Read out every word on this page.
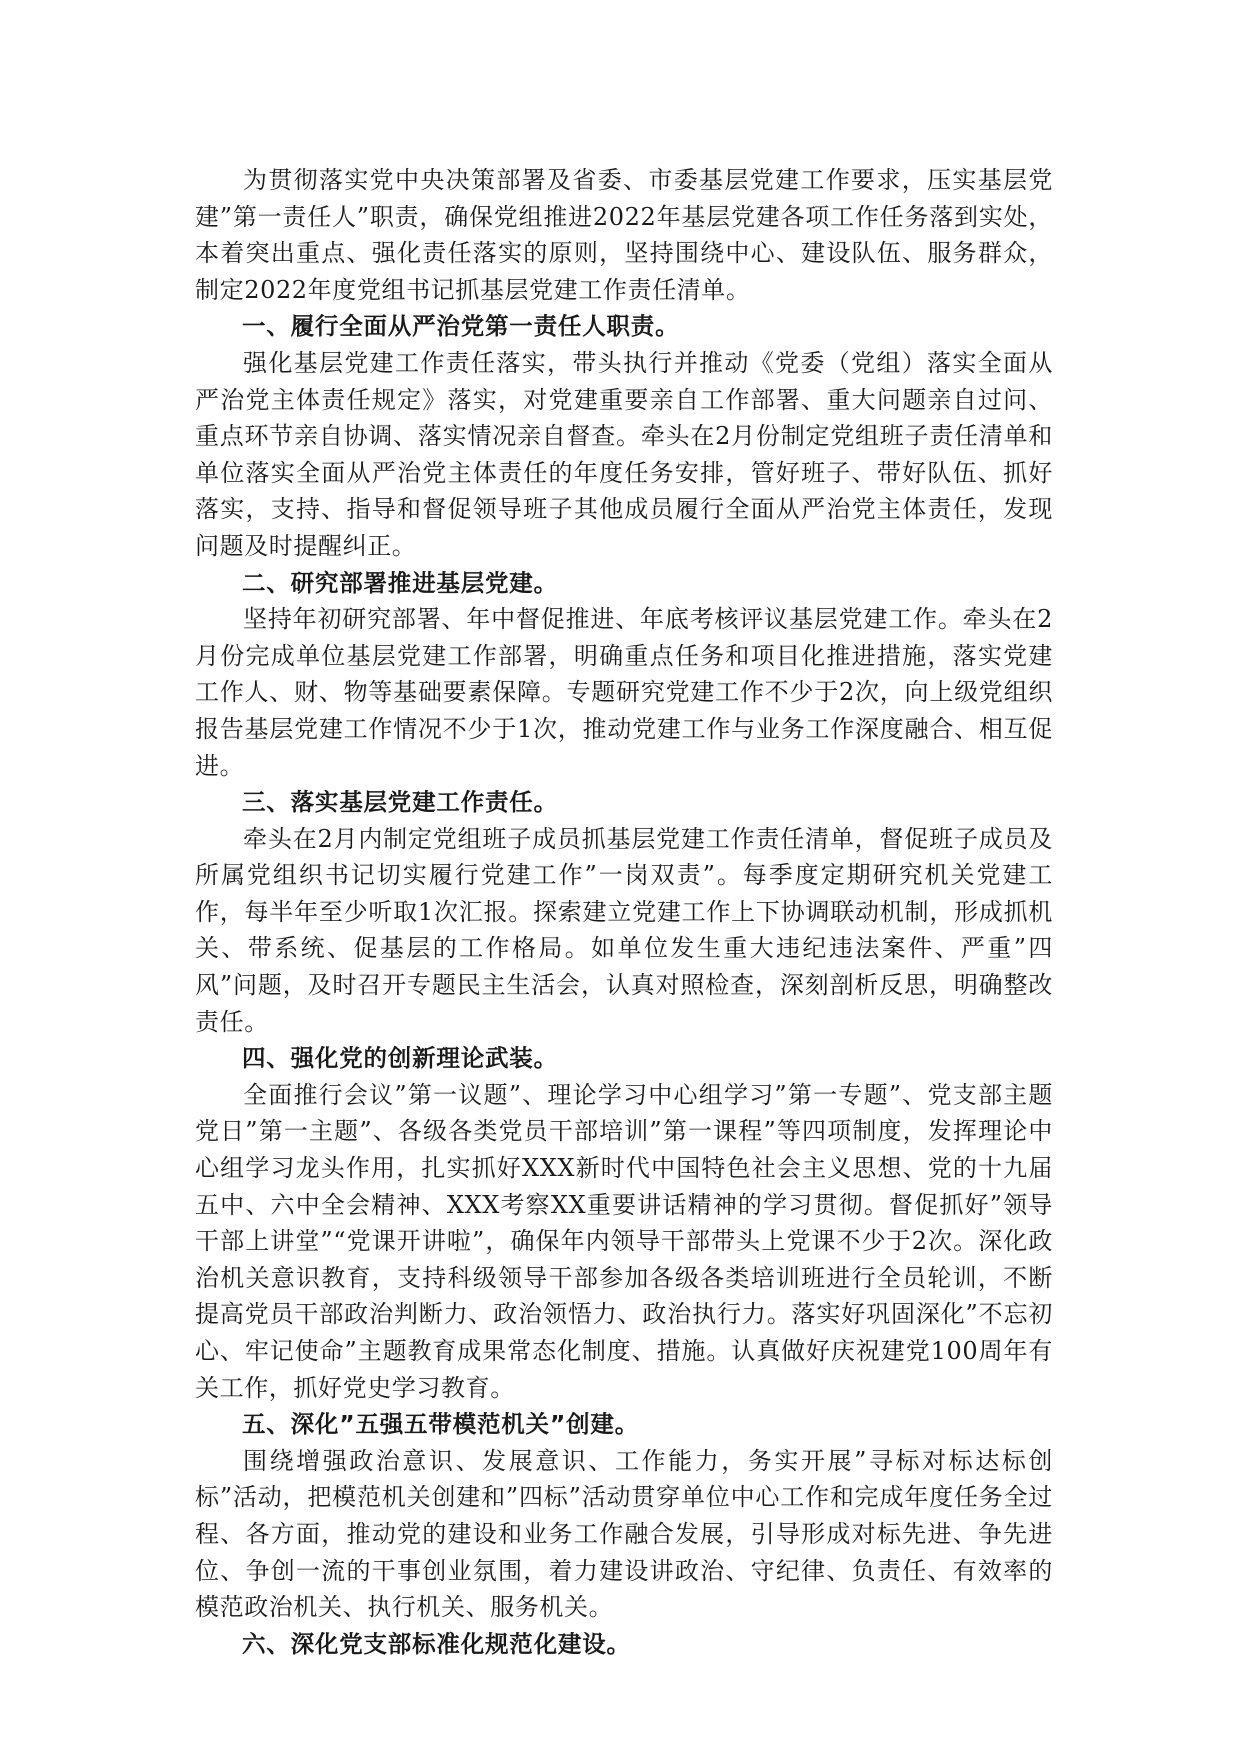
为贯彻落实党中央决策部署及省委、市委基层党建工作要求，压实基层党建”第一责任人”职责，确保党组推进2022年基层党建各项工作任务落到实处，本着突出重点、强化责任落实的原则，坚持围绕中心、建设队伍、服务群众，制定2022年度党组书记抓基层党建工作责任清单。

一、履行全面从严治党第一责任人职责。

强化基层党建工作责任落实，带头执行并推动《党委（党组）落实全面从严治党主体责任规定》落实，对党建重要亲自工作部署、重大问题亲自过问、重点环节亲自协调、落实情况亲自督查。牵头在2月份制定党组班子责任清单和单位落实全面从严治党主体责任的年度任务安排，管好班子、带好队伍、抓好落实，支持、指导和督促领导班子其他成员履行全面从严治党主体责任，发现问题及时提醒纠正。

二、研究部署推进基层党建。

坚持年初研究部署、年中督促推进、年底考核评议基层党建工作。牵头在2月份完成单位基层党建工作部署，明确重点任务和项目化推进措施，落实党建工作人、财、物等基础要素保障。专题研究党建工作不少于2次，向上级党组织报告基层党建工作情况不少于1次，推动党建工作与业务工作深度融合、相互促进。

三、落实基层党建工作责任。

牵头在2月内制定党组班子成员抓基层党建工作责任清单，督促班子成员及所属党组织书记切实履行党建工作”一岗双责”。每季度定期研究机关党建工作，每半年至少听取1次汇报。探索建立党建工作上下协调联动机制，形成抓机关、带系统、促基层的工作格局。如单位发生重大违纪违法案件、严重”四风”问题，及时召开专题民主生活会，认真对照检查，深刻剖析反思，明确整改责任。

四、强化党的创新理论武装。

全面推行会议”第一议题”、理论学习中心组学习”第一专题”、党支部主题党日”第一主题”、各级各类党员干部培训”第一课程”等四项制度，发挥理论中心组学习龙头作用，扎实抓好XXX新时代中国特色社会主义思想、党的十九届五中、六中全会精神、XXX考察XX重要讲话精神的学习贯彻。督促抓好”领导干部上讲堂”“党课开讲啦”，确保年内领导干部带头上党课不少于2次。深化政治机关意识教育，支持科级领导干部参加各级各类培训班进行全员轮训，不断提高党员干部政治判断力、政治领悟力、政治执行力。落实好巩固深化”不忘初心、牢记使命”主题教育成果常态化制度、措施。认真做好庆祝建党100周年有关工作，抓好党史学习教育。

五、深化”五强五带模范机关”创建。

围绕增强政治意识、发展意识、工作能力，务实开展”寻标对标达标创标”活动，把模范机关创建和”四标”活动贯穿单位中心工作和完成年度任务全过程、各方面，推动党的建设和业务工作融合发展，引导形成对标先进、争先进位、争创一流的干事创业氛围，着力建设讲政治、守纪律、负责任、有效率的模范政治机关、执行机关、服务机关。

六、深化党支部标准化规范化建设。
